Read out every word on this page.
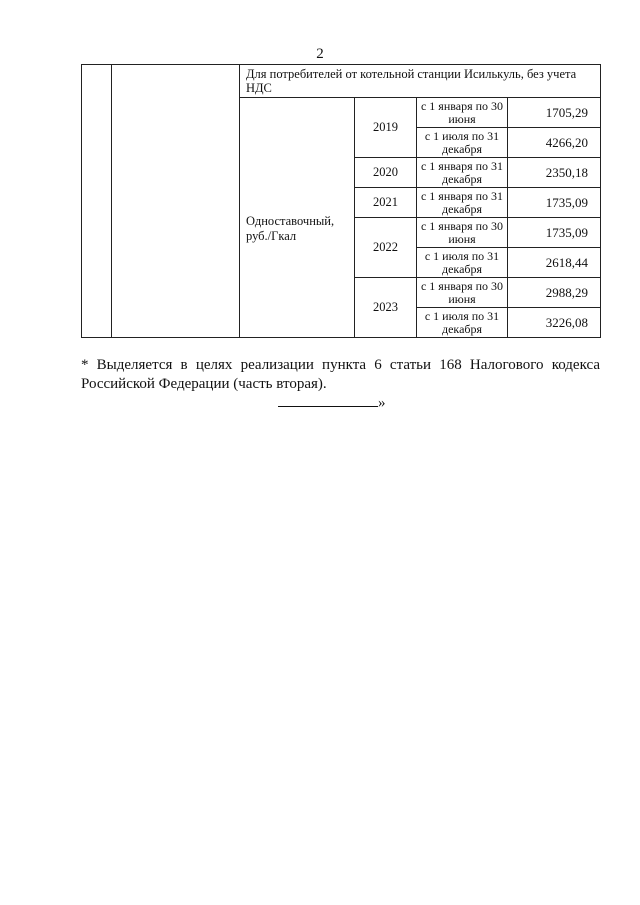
2
		Для потребителей от котельной станции Исилькуль, без учета НДС			

		Одноставочный, руб./Гкал	2019	с 1 января по 30 июня	1705,29
				с 1 июля по 31 декабря	4266,20
			2020	с 1 января по 31 декабря	2350,18
			2021	с 1 января по 31 декабря	1735,09
			2022	с 1 января по 30 июня	1735,09
				с 1 июля по 31 декабря	2618,44
			2023	с 1 января по 30 июня	2988,29
				с 1 июля по 31 декабря	3226,08
* Выделяется в целях реализации пункта 6 статьи 168 Налогового кодекса Российской Федерации (часть вторая).
»
